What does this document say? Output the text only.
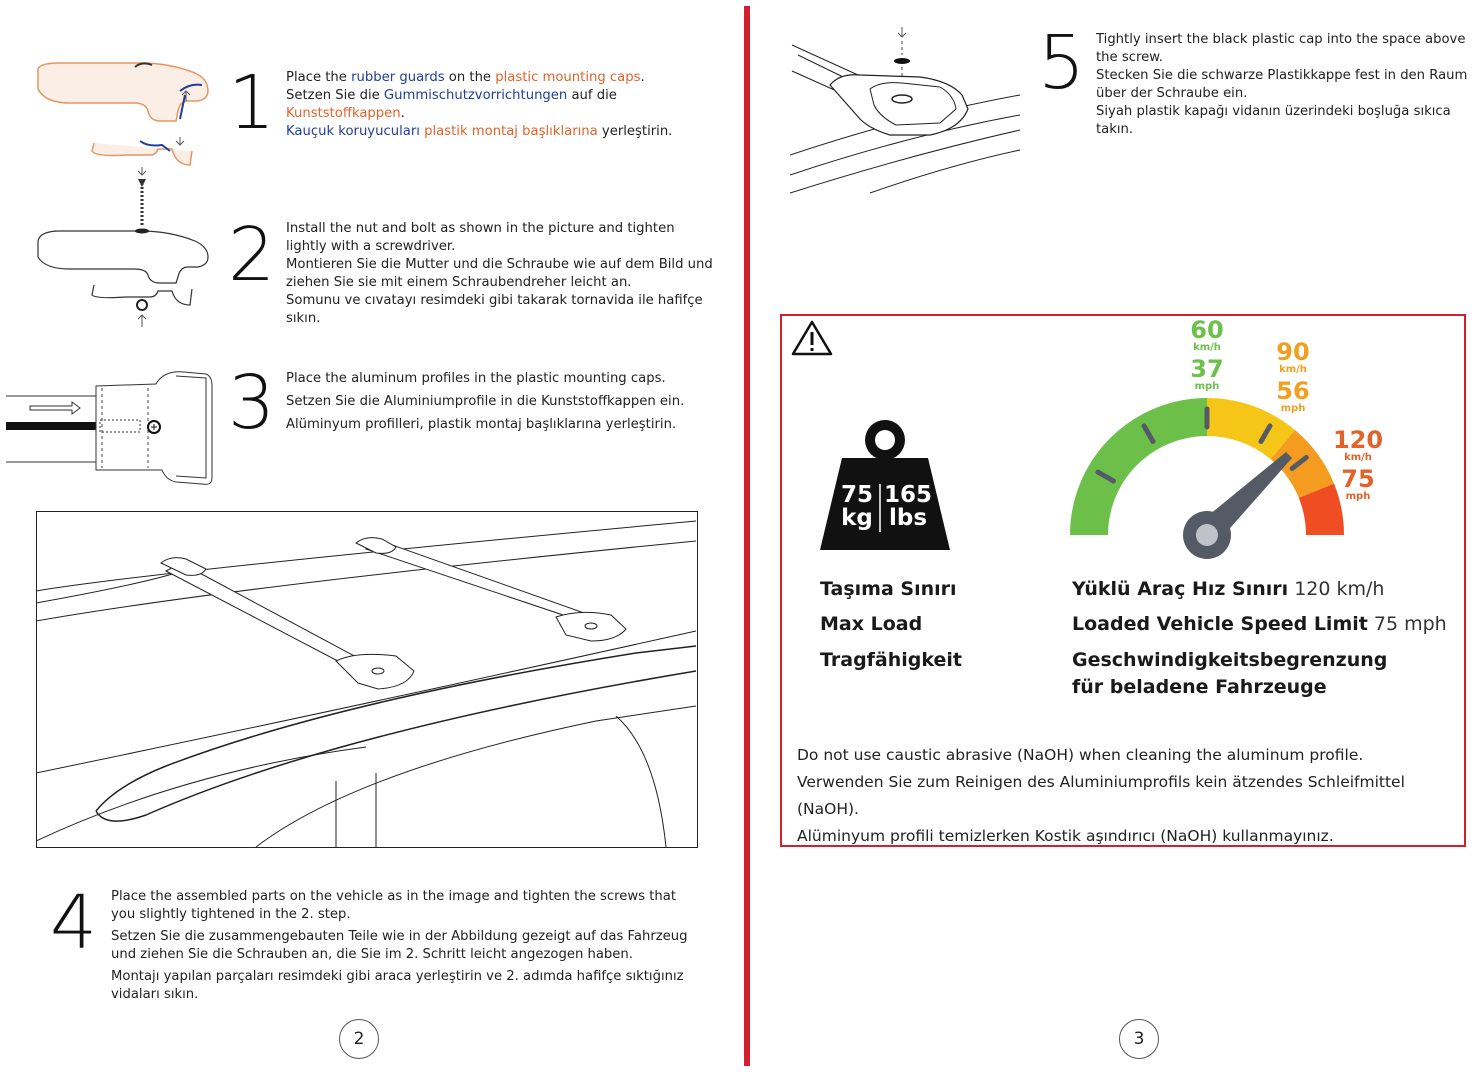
1 Place the rubber guards on the plastic mounting caps.

Setzen Sie die Gummischutzvorrichtungen auf die Kunststoffkappen.

Kauçuk koruyucuları plastik montaj başlıklarına yerleştirin.

2 Install the nut and bolt as shown in the picture and tighten lightly with a screwdriver.

Montieren Sie die Mutter und die Schraube wie auf dem Bild und ziehen Sie sie mit einem Schraubendreher leicht an.

Somunu ve cıvatayı resimdeki gibi takarak tornavida ile hafifçe sıkın.

3 Place the aluminum profiles in the plastic mounting caps.

Setzen Sie die Aluminiumprofile in die Kunststoffkappen ein.

Alüminyum profilleri, plastik montaj başlıklarına yerleştirin.

4 Place the assembled parts on the vehicle as in the image and tighten the screws that you slightly tightened in the 2. step.

Setzen Sie die zusammengebauten Teile wie in der Abbildung gezeigt auf das Fahrzeug und ziehen Sie die Schrauben an, die Sie im 2. Schritt leicht angezogen haben.

Montajı yapılan parçaları resimdeki gibi araca yerleştirin ve 2. adımda hafifçe sıktığınız vidaları sıkın.

2
5 Tightly insert the black plastic cap into the space above the screw.

Stecken Sie die schwarze Plastikkappe fest in den Raum über der Schraube ein.

Siyah plastik kapağı vidanın üzerindeki boşluğa sıkıca takın.

75
kg
165
lbs
Taşıma Sınırı
Max Load
Tragfähigkeit
60
km/h
37
mph
90
km/h
56
mph
120
km/h
75
mph
Yüklü Araç Hız Sınırı 120 km/h
Loaded Vehicle Speed Limit 75 mph
Geschwindigkeitsbegrenzung für beladene Fahrzeuge

Do not use caustic abrasive (NaOH) when cleaning the aluminum profile.

Verwenden Sie zum Reinigen des Aluminiumprofils kein ätzendes Schleifmittel (NaOH).

Alüminyum profili temizlerken Kostik aşındırıcı (NaOH) kullanmayınız.

3
